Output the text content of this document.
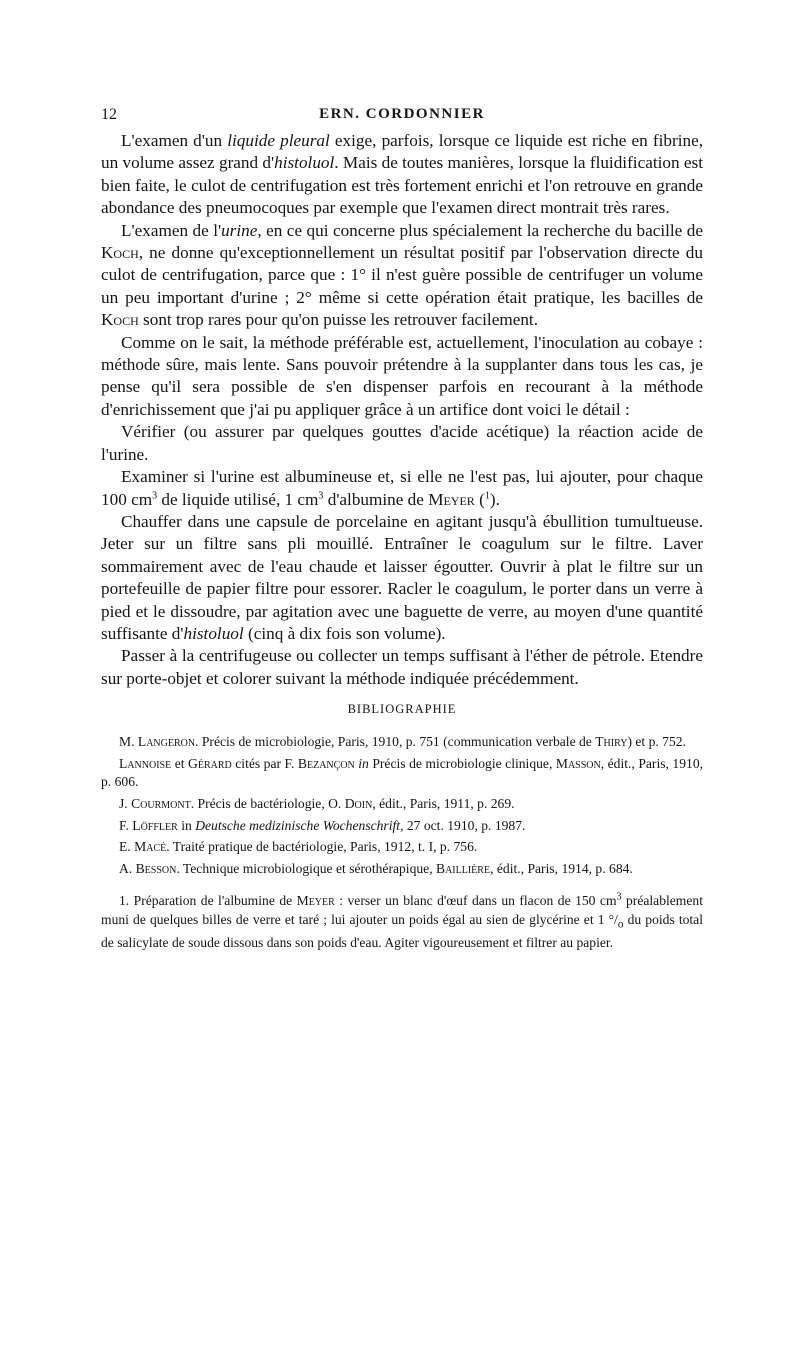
12	ERN. CORDONNIER

L'examen d'un liquide pleural exige, parfois, lorsque ce liquide est riche en fibrine, un volume assez grand d'histoluol. Mais de toutes manières, lorsque la fluidification est bien faite, le culot de centrifugation est très fortement enrichi et l'on retrouve en grande abondance des pneumocoques par exemple que l'examen direct montrait très rares.

L'examen de l'urine, en ce qui concerne plus spécialement la recherche du bacille de Koch, ne donne qu'exceptionnellement un résultat positif par l'observation directe du culot de centrifugation, parce que : 1° il n'est guère possible de centrifuger un volume un peu important d'urine ; 2° même si cette opération était pratique, les bacilles de Koch sont trop rares pour qu'on puisse les retrouver facilement.

Comme on le sait, la méthode préférable est, actuellement, l'inoculation au cobaye : méthode sûre, mais lente. Sans pouvoir prétendre à la supplanter dans tous les cas, je pense qu'il sera possible de s'en dispenser parfois en recourant à la méthode d'enrichissement que j'ai pu appliquer grâce à un artifice dont voici le détail :

Vérifier (ou assurer par quelques gouttes d'acide acétique) la réaction acide de l'urine.

Examiner si l'urine est albumineuse et, si elle ne l'est pas, lui ajouter, pour chaque 100 $cm^3$ de liquide utilisé, 1 $cm^3$ d'albumine de Meyer ($^1$).

Chauffer dans une capsule de porcelaine en agitant jusqu'à ébullition tumultueuse. Jeter sur un filtre sans pli mouillé. Entraîner le coagulum sur le filtre. Laver sommairement avec de l'eau chaude et laisser égoutter. Ouvrir à plat le filtre sur un portefeuille de papier filtre pour essorer. Racler le coagulum, le porter dans un verre à pied et le dissoudre, par agitation avec une baguette de verre, au moyen d'une quantité suffisante d'histoluol (cinq à dix fois son volume).

Passer à la centrifugeuse ou collecter un temps suffisant à l'éther de pétrole. Etendre sur porte-objet et colorer suivant la méthode indiquée précédemment.

BIBLIOGRAPHIE
M. Langeron. Précis de microbiologie, Paris, 1910, p. 751 (communication verbale de Thiry) et p. 752.
Lannoise et Gérard cités par F. Bezançon in Précis de microbiologie clinique, Masson, édit., Paris, 1910, p. 606.
J. Courmont. Précis de bactériologie, O. Doin, édit., Paris, 1911, p. 269.
F. Löffler in Deutsche medizinische Wochenschrift, 27 oct. 1910, p. 1987.
E. Macé. Traité pratique de bactériologie, Paris, 1912, t. I, p. 756.
A. Besson. Technique microbiologique et sérothérapique, Baillière, édit., Paris, 1914, p. 684.
1. Préparation de l'albumine de Meyer : verser un blanc d'œuf dans un flacon de 150 $cm^3$ préalablement muni de quelques billes de verre et taré ; lui ajouter un poids égal au sien de glycérine et 1 $^\circ/_o$ du poids total de salicylate de soude dissous dans son poids d'eau. Agiter vigoureusement et filtrer au papier.
